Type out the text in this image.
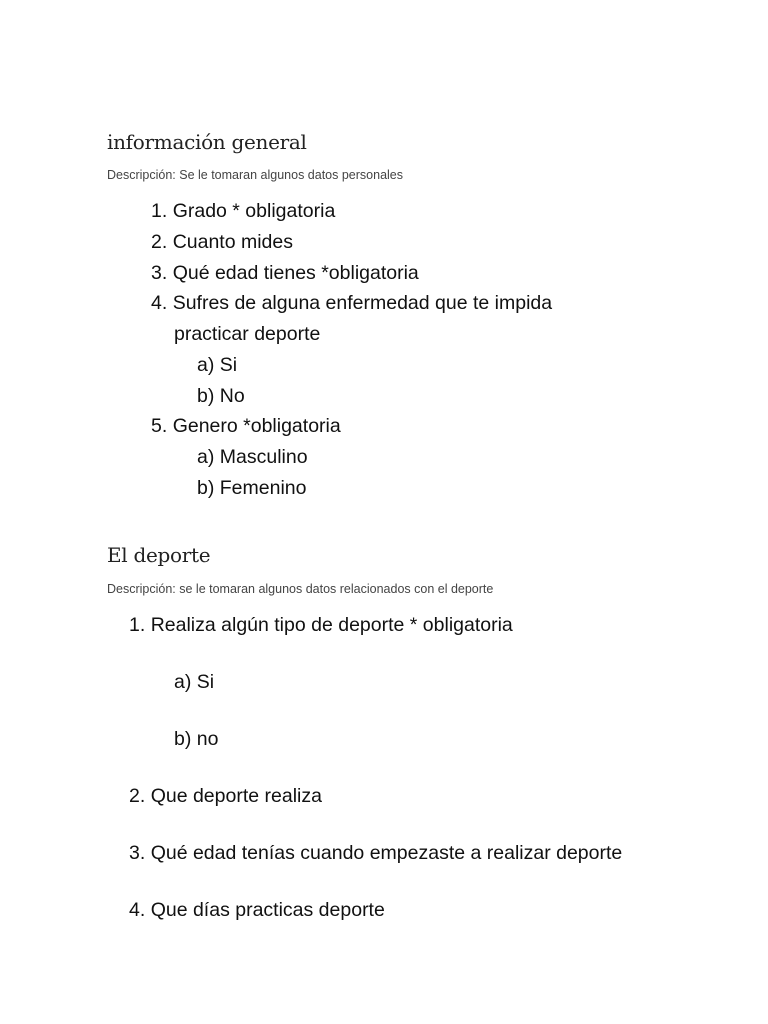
información general

Descripción: Se le tomaran algunos datos personales

1. Grado * obligatoria
2. Cuanto mides
3. Qué edad tienes *obligatoria
4. Sufres de alguna enfermedad que te impida
practicar deporte
a) Si
b) No
5. Genero *obligatoria
a) Masculino
b) Femenino
El deporte

Descripción: se le tomaran algunos datos relacionados con el deporte

1. Realiza algún tipo de deporte * obligatoria
a) Si
b) no
2. Que deporte realiza
3. Qué edad tenías cuando empezaste a realizar deporte
4. Que días practicas deporte
